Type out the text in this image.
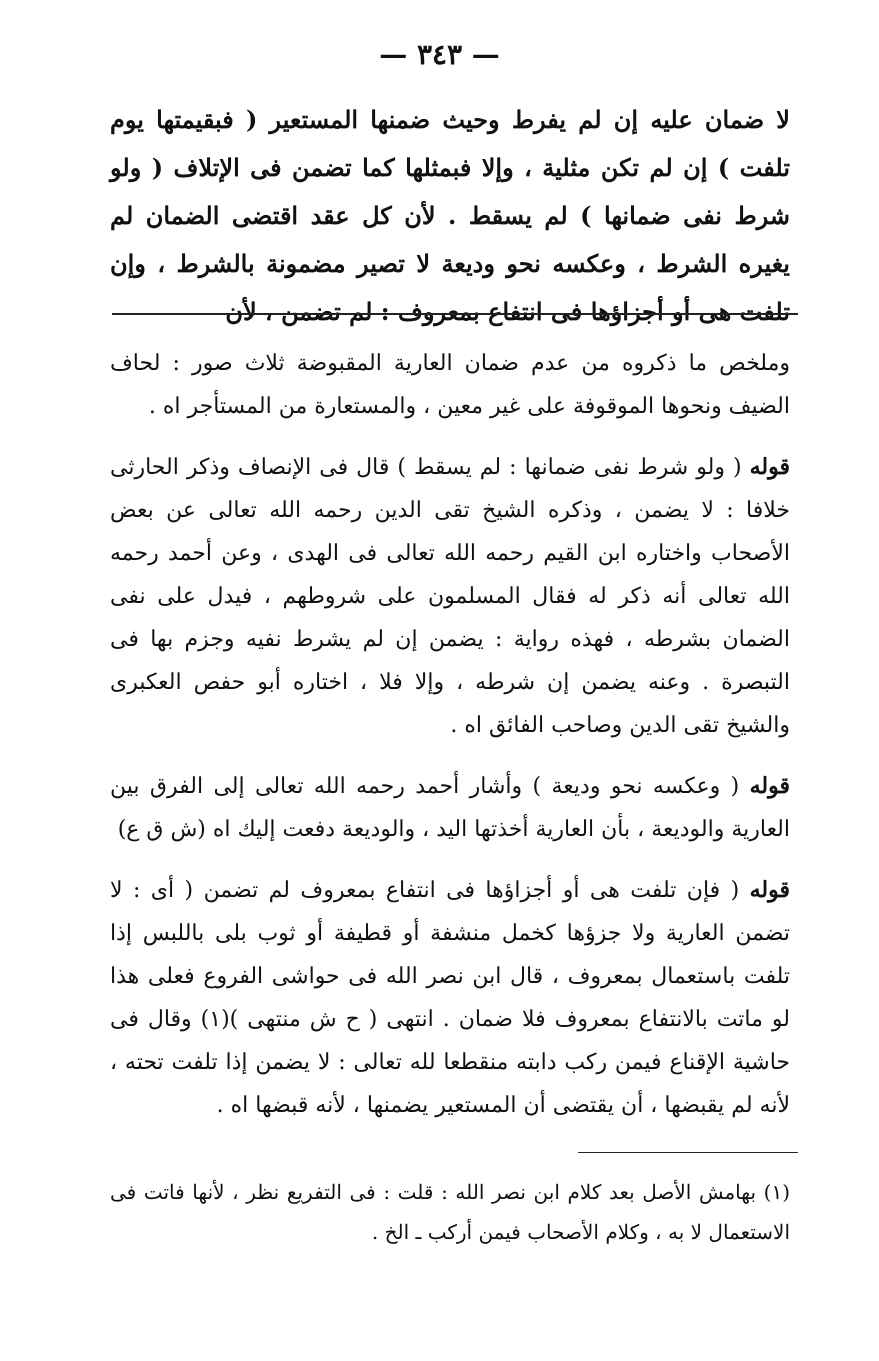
— ٣٤٣ —
لا ضمان عليه إن لم يفرط وحيث ضمنها المستعير ( فبقيمتها يوم تلفت ) إن لم تكن مثلية ، وإلا فبمثلها كما تضمن فى الإتلاف ( ولو شرط نفى ضمانها ) لم يسقط . لأن كل عقد اقتضى الضمان لم يغيره الشرط ، وعكسه نحو وديعة لا تصير مضمونة بالشرط ، وإن تلفت هى أو أجزاؤها فى انتفاع بمعروف : لم تضمن ، لأن

وملخص ما ذكروه من عدم ضمان العارية المقبوضة ثلاث صور : لحاف الضيف ونحوها الموقوفة على غير معين ، والمستعارة من المستأجر اه .

قوله ( ولو شرط نفى ضمانها : لم يسقط ) قال فى الإنصاف وذكر الحارثى خلافا : لا يضمن ، وذكره الشيخ تقى الدين رحمه الله تعالى عن بعض الأصحاب واختاره ابن القيم رحمه الله تعالى فى الهدى ، وعن أحمد رحمه الله تعالى أنه ذكر له فقال المسلمون على شروطهم ، فيدل على نفى الضمان بشرطه ، فهذه رواية : يضمن إن لم يشرط نفيه وجزم بها فى التبصرة . وعنه يضمن إن شرطه ، وإلا فلا ، اختاره أبو حفص العكبرى والشيخ تقى الدين وصاحب الفائق اه .

قوله ( وعكسه نحو وديعة ) وأشار أحمد رحمه الله تعالى إلى الفرق بين العارية والوديعة ، بأن العارية أخذتها اليد ، والوديعة دفعت إليك اه (ش ق ع)

قوله ( فإن تلفت هى أو أجزاؤها فى انتفاع بمعروف لم تضمن ( أى : لا تضمن العارية ولا جزؤها كخمل منشفة أو قطيفة أو ثوب بلى باللبس إذا تلفت باستعمال بمعروف ، قال ابن نصر الله فى حواشى الفروع فعلى هذا لو ماتت بالانتفاع بمعروف فلا ضمان . انتهى ( ح ش منتهى )(١) وقال فى حاشية الإقناع فيمن ركب دابته منقطعا لله تعالى : لا يضمن إذا تلفت تحته ، لأنه لم يقبضها ، أن يقتضى أن المستعير يضمنها ، لأنه قبضها اه .

(١) بهامش الأصل بعد كلام ابن نصر الله : قلت : فى التفريع نظر ، لأنها فاتت فى الاستعمال لا به ، وكلام الأصحاب فيمن أركب ـ الخ .
